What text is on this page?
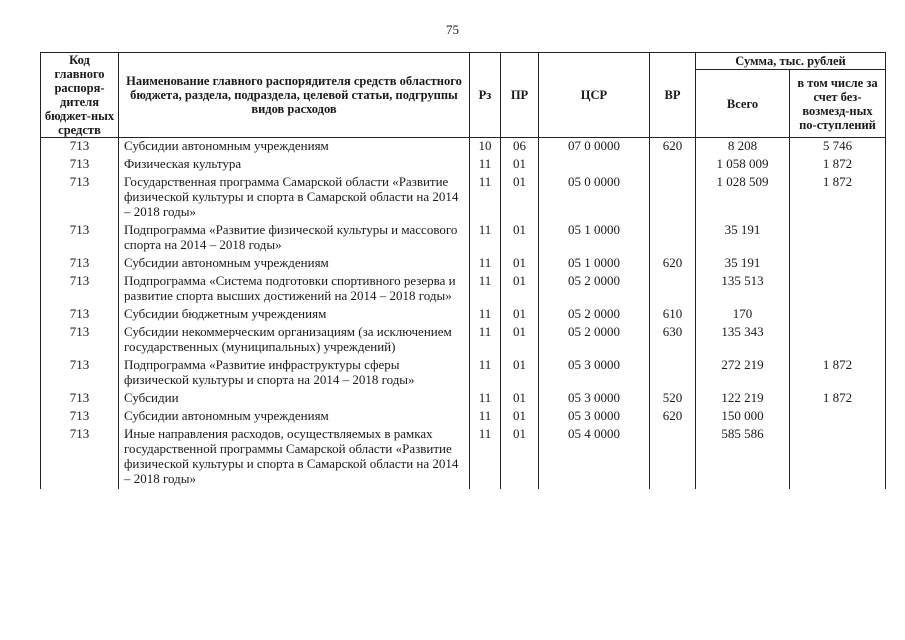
75
Код главного распоря-дителя бюджет-ных средств	Наименование главного распорядителя средств областного бюджета, раздела, подраздела, целевой статьи, подгруппы видов расходов	Рз	ПР	ЦСР	ВР	Сумма, тыс. рублей	
						Всего	в том числе за счет без-возмезд-ных по-ступлений
713	Субсидии автономным учреждениям	10	06	07 0 0000	620	8 208	5 746
713	Физическая культура	11	01			1 058 009	1 872
713	Государственная программа Самарской области «Развитие физической культуры и спорта в Самарской области на 2014 – 2018 годы»	11	01	05 0 0000		1 028 509	1 872
713	Подпрограмма «Развитие физической культуры и массового спорта на 2014 – 2018 годы»	11	01	05 1 0000		35 191	
713	Субсидии автономным учреждениям	11	01	05 1 0000	620	35 191	
713	Подпрограмма «Система подготовки спортивного резерва и развитие спорта высших достижений на 2014 – 2018 годы»	11	01	05 2 0000		135 513	
713	Субсидии бюджетным учреждениям	11	01	05 2 0000	610	170	
713	Субсидии некоммерческим организациям (за исключением государственных (муниципальных) учреждений)	11	01	05 2 0000	630	135 343	
713	Подпрограмма «Развитие инфраструктуры сферы физической культуры и спорта на 2014 – 2018 годы»	11	01	05 3 0000		272 219	1 872
713	Субсидии	11	01	05 3 0000	520	122 219	1 872
713	Субсидии автономным учреждениям	11	01	05 3 0000	620	150 000	
713	Иные направления расходов, осуществляемых в рамках государственной программы Самарской области «Развитие физической культуры и спорта в Самарской области на 2014 – 2018 годы»	11	01	05 4 0000		585 586	
